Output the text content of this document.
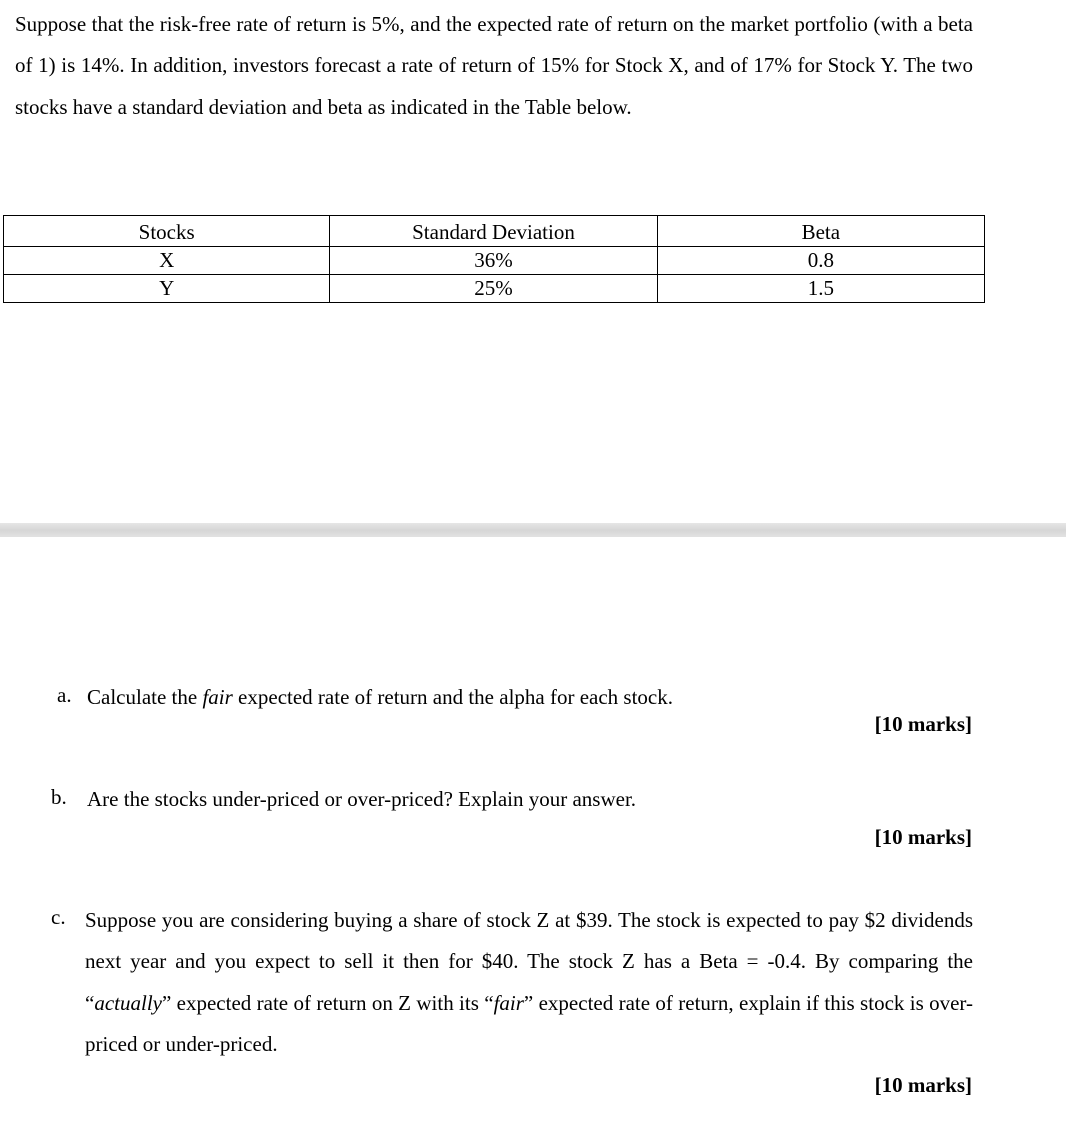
Suppose that the risk-free rate of return is 5%, and the expected rate of return on the market portfolio (with a beta of 1) is 14%. In addition, investors forecast a rate of return of 15% for Stock X, and of 17% for Stock Y. The two stocks have a standard deviation and beta as indicated in the Table below.

Stocks	Standard Deviation	Beta
X	36%	0.8
Y	25%	1.5
a. Calculate the fair expected rate of return and the alpha for each stock.

[10 marks]
b. Are the stocks under-priced or over-priced? Explain your answer.

[10 marks]
c. Suppose you are considering buying a share of stock Z at $39. The stock is expected to pay $2 dividends next year and you expect to sell it then for $40. The stock Z has a Beta = -0.4. By comparing the “actually” expected rate of return on Z with its “fair” expected rate of return, explain if this stock is over-priced or under-priced.

[10 marks]
